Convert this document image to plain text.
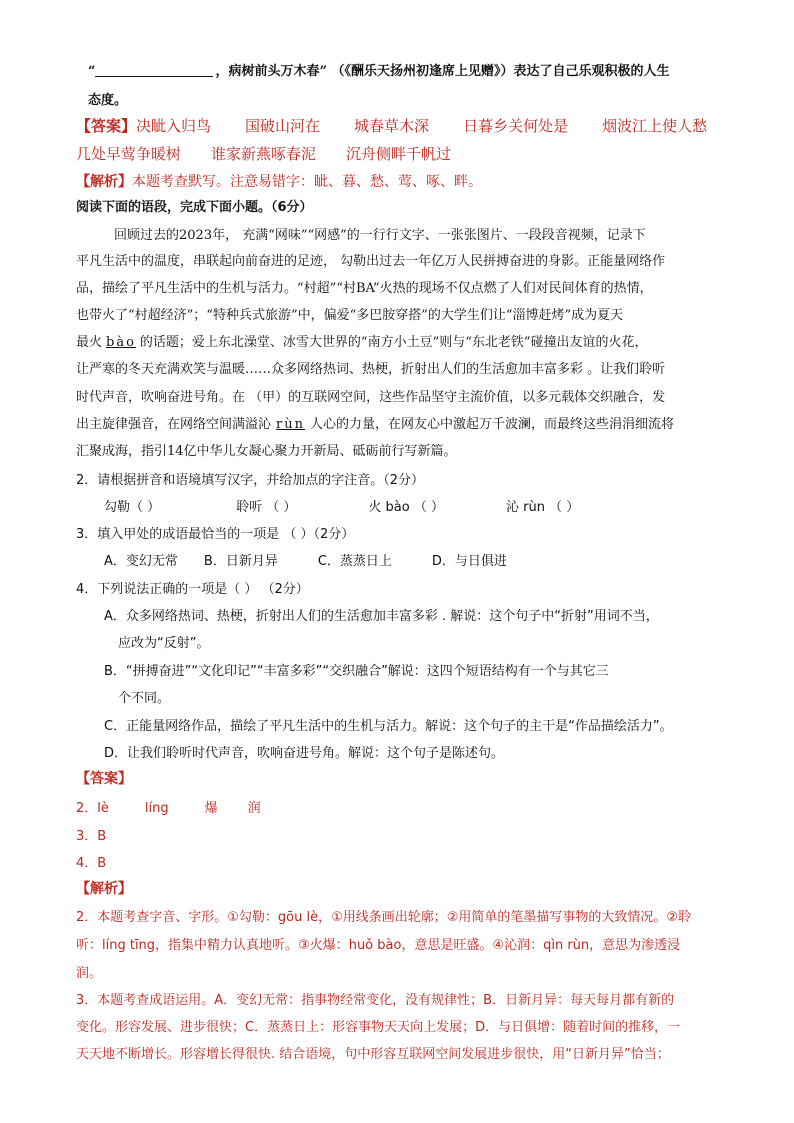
“	，病树前头万木春” （《酬乐天扬州初逢席上见赠》）表达了自己乐观积极的人生
态度。
【答案】决眦入归鸟 国破山河在 城春草木深 日暮乡关何处是 烟波江上使人愁
几处早莺争暖树 谁家新燕啄春泥 沉舟侧畔千帆过
【解析】本题考查默写。注意易错字：眦、暮、愁、莺、啄、畔。
阅读下面的语段，完成下面小题。（6分）
回顾过去的2023年， 充满“网味”“网感”的一行行文字、一张张图片、一段段音视频，记录下
平凡生活中的温度，串联起向前奋进的足迹， 勾勒出过去一年亿万人民拼搏奋进的身影。正能量网络作
品，描绘了平凡生活中的生机与活力。“村超”“村BA”火热的现场不仅点燃了人们对民间体育的热情，
也带火了“村超经济”；“特种兵式旅游”中，偏爱“多巴胺穿搭”的大学生们让“淄博赶烤”成为夏天
最火 bào 的话题；爱上东北澡堂、冰雪大世界的“南方小土豆”则与“东北老铁”碰撞出友谊的火花，
让严寒的冬天充满欢笑与温暖……众多网络热词、热梗，折射出人们的生活愈加丰富多彩 。让我们聆听
时代声音，吹响奋进号角。在 （甲）的互联网空间，这些作品坚守主流价值，以多元载体交织融合，发
出主旋律强音，在网络空间满溢沁 rùn 人心的力量，在网友心中激起万千波澜，而最终这些涓涓细流将
汇聚成海，指引14亿中华儿女凝心聚力开新局、砥砺前行写新篇。
2．请根据拼音和语境填写汉字，并给加点的字注音。（2分）
勾勒（ ）	聆听 （ ）	火 bào （ ）	沁 rùn （ ）
3．填入甲处的成语最恰当的一项是 （ ）（2分）
A．变幻无常 B．日新月异	C．蒸蒸日上	D．与日俱进
4．下列说法正确的一项是（ ） （2分）
A．众多网络热词、热梗，折射出人们的生活愈加丰富多彩 . 解说：这个句子中“折射”用词不当，
应改为“反射”。
B．“拼搏奋进”“文化印记”“丰富多彩”“交织融合”解说：这四个短语结构有一个与其它三
个不同。
C．正能量网络作品，描绘了平凡生活中的生机与活力。解说：这个句子的主干是“作品描绘活力”。
D．让我们聆听时代声音，吹响奋进号角。解说：这个句子是陈述句。
【答案】
2．lè	líng	爆 润
3．B
4．B
【解析】
2．本题考查字音、字形。①勾勒：gōu lè，①用线条画出轮廓；②用简单的笔墨描写事物的大致情况。②聆
听：líng tīng，指集中精力认真地听。③火爆：huǒ bào，意思是旺盛。④沁润：qìn rùn，意思为渗透浸
润。
3．本题考查成语运用。A．变幻无常：指事物经常变化，没有规律性；B．日新月异：每天每月都有新的
变化。形容发展、进步很快；C．蒸蒸日上：形容事物天天向上发展；D．与日俱增：随着时间的推移，一
天天地不断增长。形容增长得很快. 结合语境，句中形容互联网空间发展进步很快，用“日新月异”恰当；
